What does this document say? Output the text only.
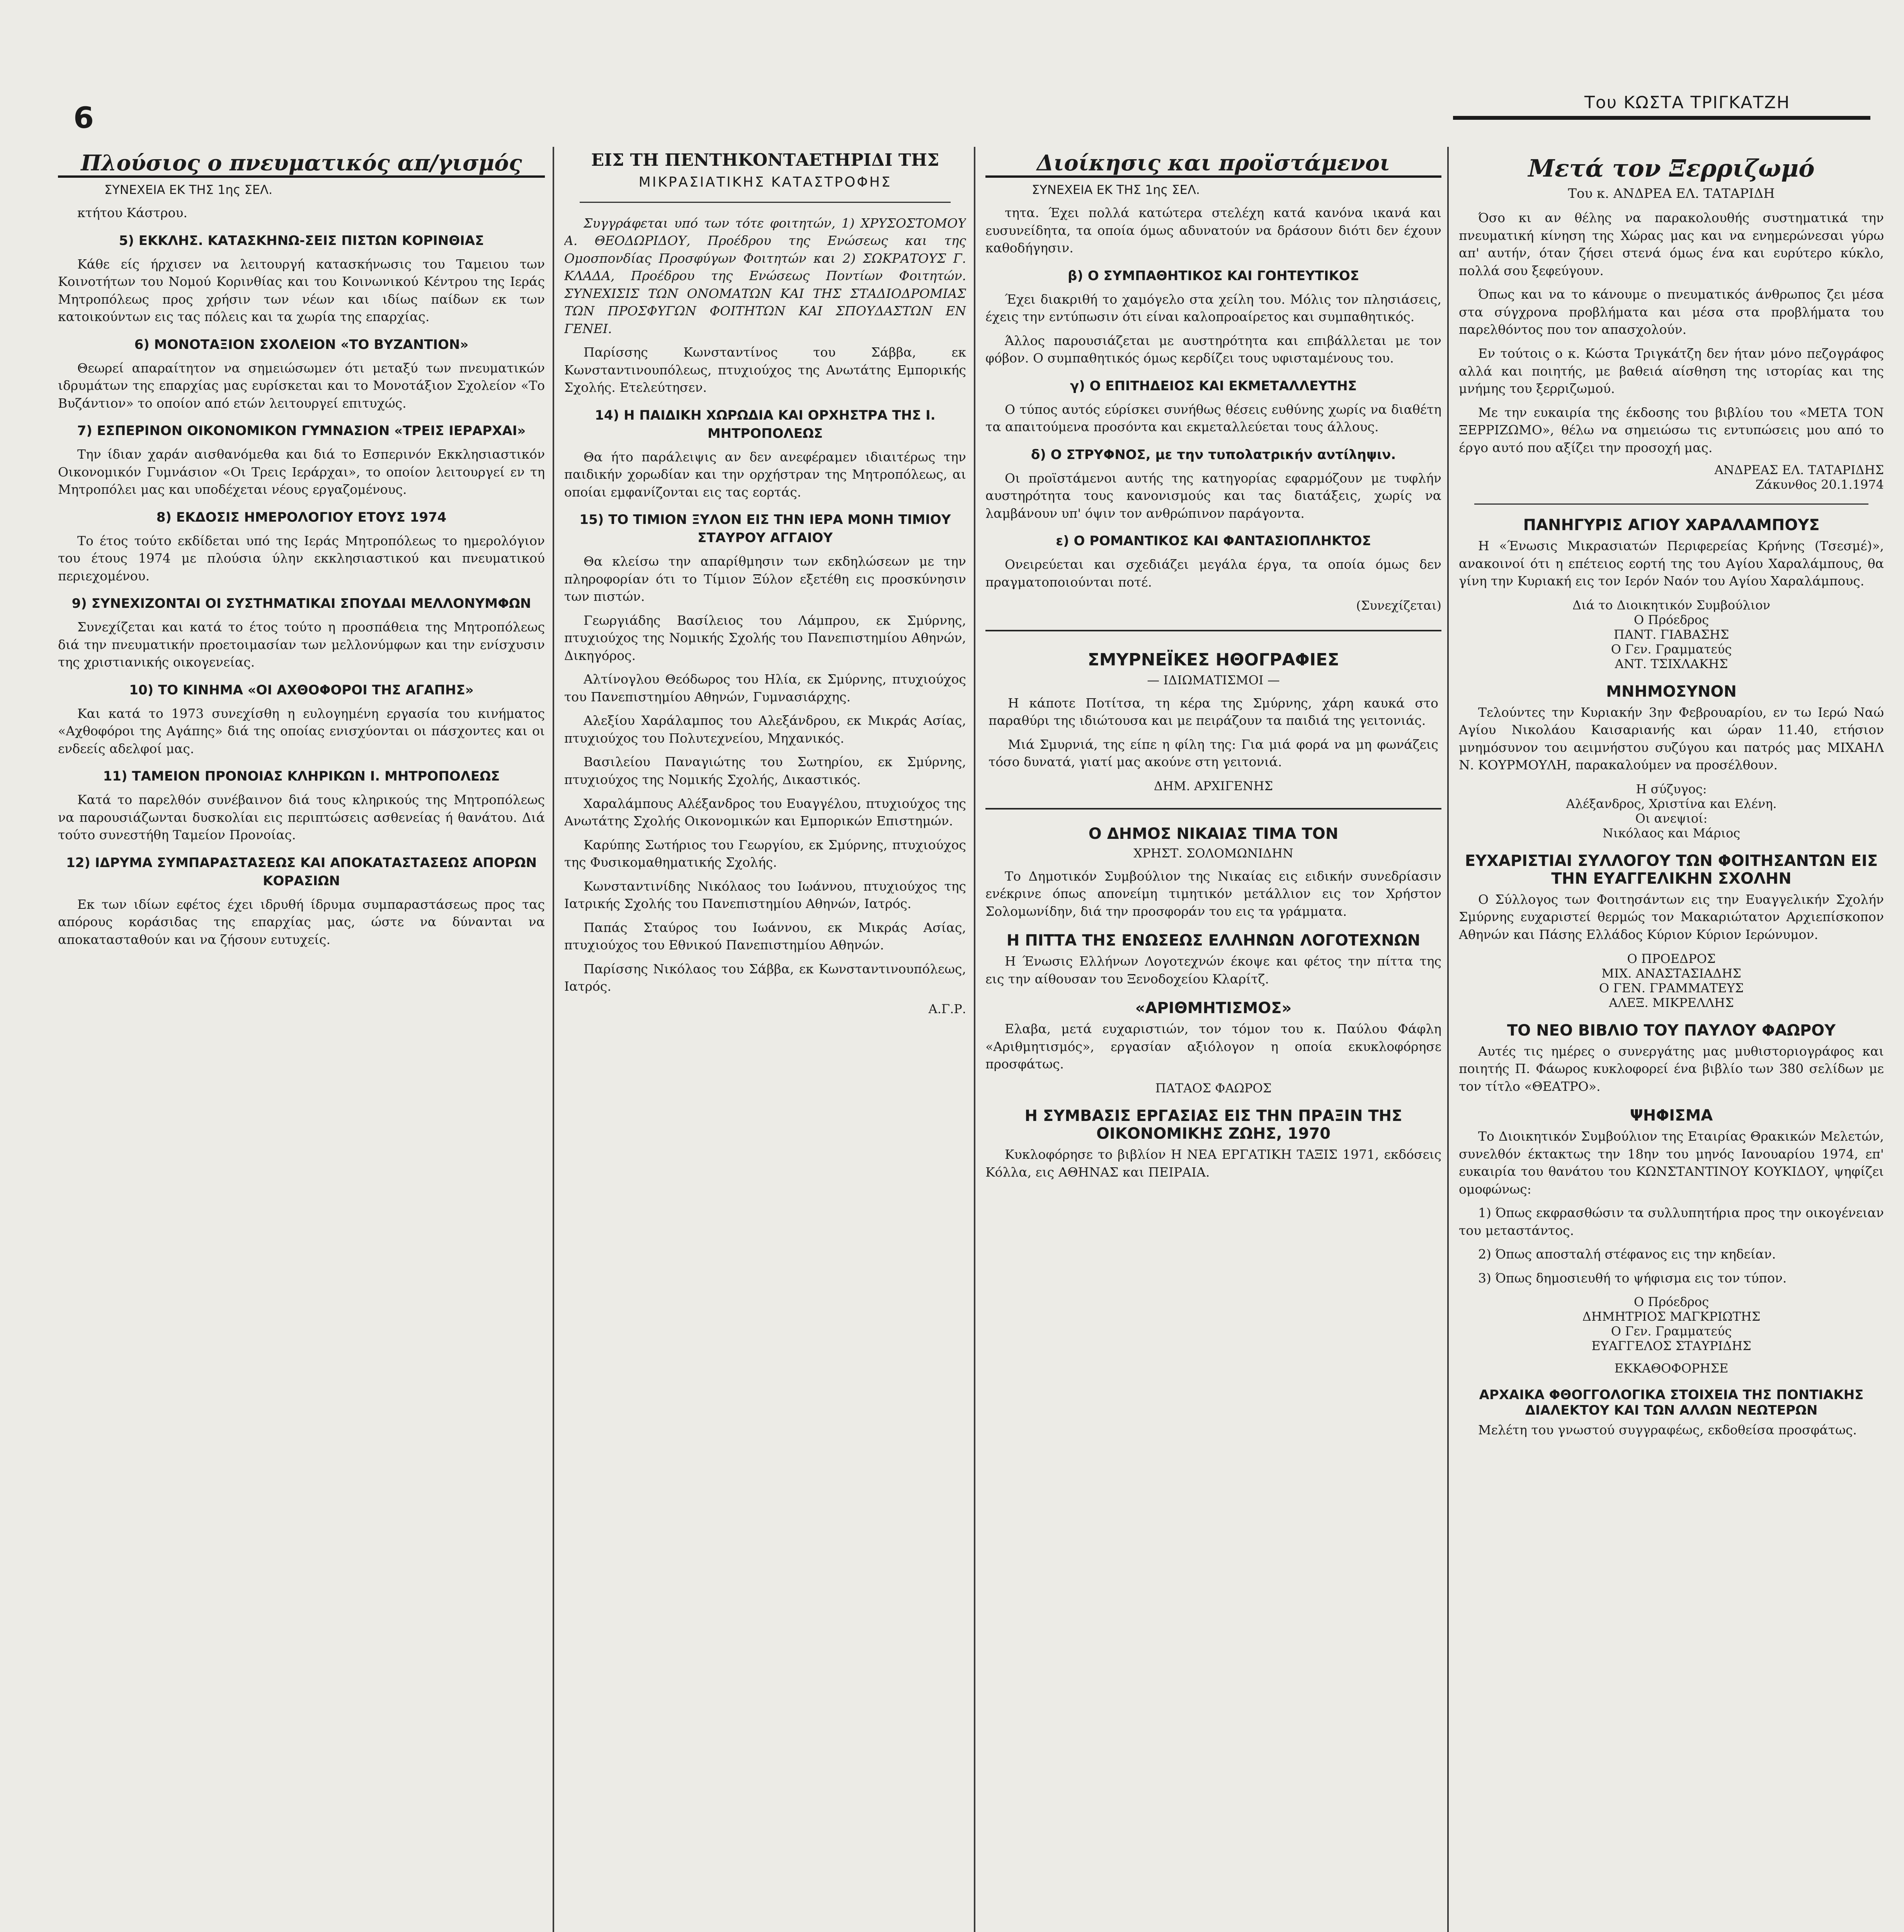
6	Του ΚΩΣΤΑ ΤΡΙΓΚΑΤΖΗ
Πλούσιος ο πνευματικός απ/γισμός
ΣΥΝΕΧΕΙΑ ΕΚ ΤΗΣ 1ης ΣΕΛ.

κτήτου Κάστρου.

5) ΕΚΚΛΗΣ. ΚΑΤΑΣΚΗΝΩ-ΣΕΙΣ ΠΙΣΤΩΝ ΚΟΡΙΝΘΙΑΣ

Κάθε είς ήρχισεν να λειτουργή κατασκήνωσις του Ταμειου των Κοινοτήτων του Νομού Κορινθίας και του Κοινωνικού Κέντρου της Ιεράς Μητροπόλεως προς χρήσιν των νέων και ιδίως παίδων εκ των κατοικούντων εις τας πόλεις και τα χωρία της επαρχίας.

6) ΜΟΝΟΤΑΞΙΟΝ ΣΧΟΛΕΙΟΝ «ΤΟ ΒΥΖΑΝΤΙΟΝ»

Θεωρεί απαραίτητον να σημειώσωμεν ότι μεταξύ των πνευματικών ιδρυμάτων της επαρχίας μας ευρίσκεται και το Μονοτάξιον Σχολείον «Το Βυζάντιον» το οποίον από ετών λειτουργεί επιτυχώς.

7) ΕΣΠΕΡΙΝΟΝ ΟΙΚΟΝΟΜΙΚΟΝ ΓΥΜΝΑΣΙΟΝ «ΤΡΕΙΣ ΙΕΡΑΡΧΑΙ»

Την ίδιαν χαράν αισθανόμεθα και διά το Εσπερινόν Εκκλησιαστικόν Οικονομικόν Γυμνάσιον «Οι Τρεις Ιεράρχαι», το οποίον λειτουργεί εν τη Μητροπόλει μας και υποδέχεται νέους εργαζομένους.

8) ΕΚΔΟΣΙΣ ΗΜΕΡΟΛΟΓΙΟΥ ΕΤΟΥΣ 1974

Το έτος τούτο εκδίδεται υπό της Ιεράς Μητροπόλεως το ημερολόγιον του έτους 1974 με πλούσια ύλην εκκλησιαστικού και πνευματικού περιεχομένου.

9) ΣΥΝΕΧΙΖΟΝΤΑΙ ΟΙ ΣΥΣΤΗΜΑΤΙΚΑΙ ΣΠΟΥΔΑΙ ΜΕΛΛΟΝΥΜΦΩΝ

Συνεχίζεται και κατά το έτος τούτο η προσπάθεια της Μητροπόλεως διά την πνευματικήν προετοιμασίαν των μελλονύμφων και την ενίσχυσιν της χριστιανικής οικογενείας.

10) ΤΟ ΚΙΝΗΜΑ «ΟΙ ΑΧΘΟΦΟΡΟΙ ΤΗΣ ΑΓΑΠΗΣ»

Και κατά το 1973 συνεχίσθη η ευλογημένη εργασία του κινήματος «Αχθοφόροι της Αγάπης» διά της οποίας ενισχύονται οι πάσχοντες και οι ενδεείς αδελφοί μας.

11) ΤΑΜΕΙΟΝ ΠΡΟΝΟΙΑΣ ΚΛΗΡΙΚΩΝ Ι. ΜΗΤΡΟΠΟΛΕΩΣ

Κατά το παρελθόν συνέβαινον διά τους κληρικούς της Μητροπόλεως να παρουσιάζωνται δυσκολίαι εις περιπτώσεις ασθενείας ή θανάτου. Διά τούτο συνεστήθη Ταμείον Προνοίας.

12) ΙΔΡΥΜΑ ΣΥΜΠΑΡΑΣΤΑΣΕΩΣ ΚΑΙ ΑΠΟΚΑΤΑΣΤΑΣΕΩΣ ΑΠΟΡΩΝ ΚΟΡΑΣΙΩΝ

Εκ των ιδίων εφέτος έχει ιδρυθή ίδρυμα συμπαραστάσεως προς τας απόρους κοράσιδας της επαρχίας μας, ώστε να δύνανται να αποκατασταθούν και να ζήσουν ευτυχείς.

ΕΙΣ ΤΗ ΠΕΝΤΗΚΟΝΤΑΕΤΗΡΙΔΙ ΤΗΣ
ΜΙΚΡΑΣΙΑΤΙΚΗΣ ΚΑΤΑΣΤΡΟΦΗΣ

Συγγράφεται υπό των τότε φοιτητών, 1) ΧΡΥΣΟΣΤΟΜΟΥ Α. ΘΕΟΔΩΡΙΔΟΥ, Προέδρου της Ενώσεως και της Ομοσπονδίας Προσφύγων Φοιτητών και 2) ΣΩΚΡΑΤΟΥΣ Γ. ΚΛΑΔΑ, Προέδρου της Ενώσεως Ποντίων Φοιτητών. ΣΥΝΕΧΙΣΙΣ ΤΩΝ ΟΝΟΜΑΤΩΝ ΚΑΙ ΤΗΣ ΣΤΑΔΙΟΔΡΟΜΙΑΣ ΤΩΝ ΠΡΟΣΦΥΓΩΝ ΦΟΙΤΗΤΩΝ ΚΑΙ ΣΠΟΥΔΑΣΤΩΝ ΕΝ ΓΕΝΕΙ.

Παρίσσης Κωνσταντίνος του Σάββα, εκ Κωνσταντινουπόλεως, πτυχιούχος της Ανωτάτης Εμπορικής Σχολής. Ετελεύτησεν.

14) Η ΠΑΙΔΙΚΗ ΧΩΡΩΔΙΑ ΚΑΙ ΟΡΧΗΣΤΡΑ ΤΗΣ Ι. ΜΗΤΡΟΠΟΛΕΩΣ

Θα ήτο παράλειψις αν δεν ανεφέραμεν ιδιαιτέρως την παιδικήν χορωδίαν και την ορχήστραν της Μητροπόλεως, αι οποίαι εμφανίζονται εις τας εορτάς.

15) ΤΟ ΤΙΜΙΟΝ ΞΥΛΟΝ ΕΙΣ ΤΗΝ ΙΕΡΑ ΜΟΝΗ ΤΙΜΙΟΥ ΣΤΑΥΡΟΥ ΑΓΓΑΙΟΥ

Θα κλείσω την απαρίθμησιν των εκδηλώσεων με την πληροφορίαν ότι το Τίμιον Ξύλον εξετέθη εις προσκύνησιν των πιστών.

Γεωργιάδης Βασίλειος του Λάμπρου, εκ Σμύρνης, πτυχιούχος της Νομικής Σχολής του Πανεπιστημίου Αθηνών, Δικηγόρος.

Αλτίνογλου Θεόδωρος του Ηλία, εκ Σμύρνης, πτυχιούχος του Πανεπιστημίου Αθηνών, Γυμνασιάρχης.

Αλεξίου Χαράλαμπος του Αλεξάνδρου, εκ Μικράς Ασίας, πτυχιούχος του Πολυτεχνείου, Μηχανικός.

Βασιλείου Παναγιώτης του Σωτηρίου, εκ Σμύρνης, πτυχιούχος της Νομικής Σχολής, Δικαστικός.

Χαραλάμπους Αλέξανδρος του Ευαγγέλου, πτυχιούχος της Ανωτάτης Σχολής Οικονομικών και Εμπορικών Επιστημών.

Καρύπης Σωτήριος του Γεωργίου, εκ Σμύρνης, πτυχιούχος της Φυσικομαθηματικής Σχολής.

Κωνσταντινίδης Νικόλαος του Ιωάννου, πτυχιούχος της Ιατρικής Σχολής του Πανεπιστημίου Αθηνών, Ιατρός.

Παπάς Σταύρος του Ιωάννου, εκ Μικράς Ασίας, πτυχιούχος του Εθνικού Πανεπιστημίου Αθηνών.

Παρίσσης Νικόλαος του Σάββα, εκ Κωνσταντινουπόλεως, Ιατρός.

Α.Γ.Ρ.
Διοίκησις και προϊστάμενοι
ΣΥΝΕΧΕΙΑ ΕΚ ΤΗΣ 1ης ΣΕΛ.

τητα. Έχει πολλά κατώτερα στελέχη κατά κανόνα ικανά και ευσυνείδητα, τα οποία όμως αδυνατούν να δράσουν διότι δεν έχουν καθοδήγησιν.

β) Ο ΣΥΜΠΑΘΗΤΙΚΟΣ ΚΑΙ ΓΟΗΤΕΥΤΙΚΟΣ

Έχει διακριθή το χαμόγελο στα χείλη του. Μόλις τον πλησιάσεις, έχεις την εντύπωσιν ότι είναι καλοπροαίρετος και συμπαθητικός.

Άλλος παρουσιάζεται με αυστηρότητα και επιβάλλεται με τον φόβον. Ο συμπαθητικός όμως κερδίζει τους υφισταμένους του.

γ) Ο ΕΠΙΤΗΔΕΙΟΣ ΚΑΙ ΕΚΜΕΤΑΛΛΕΥΤΗΣ

Ο τύπος αυτός εύρίσκει συνήθως θέσεις ευθύνης χωρίς να διαθέτη τα απαιτούμενα προσόντα και εκμεταλλεύεται τους άλλους.

δ) Ο ΣΤΡΥΦΝΟΣ, με την τυπολατρικήν αντίληψιν.

Οι προϊστάμενοι αυτής της κατηγορίας εφαρμόζουν με τυφλήν αυστηρότητα τους κανονισμούς και τας διατάξεις, χωρίς να λαμβάνουν υπ' όψιν τον ανθρώπινον παράγοντα.

ε) Ο ΡΟΜΑΝΤΙΚΟΣ ΚΑΙ ΦΑΝΤΑΣΙΟΠΛΗΚΤΟΣ

Ονειρεύεται και σχεδιάζει μεγάλα έργα, τα οποία όμως δεν πραγματοποιούνται ποτέ.

(Συνεχίζεται)
ΣΜΥΡΝΕΪΚΕΣ ΗΘΟΓΡΑΦΙΕΣ
— ΙΔΙΩΜΑΤΙΣΜΟΙ —

Η κάποτε Ποτίτσα, τη κέρα της Σμύρνης, χάρη καυκά στο παραθύρι της ιδιώτουσα και με πειράζουν τα παιδιά της γειτονιάς.

Μιά Σμυρνιά, της είπε η φίλη της: Για μιά φορά να μη φωνάζεις τόσο δυνατά, γιατί μας ακούνε στη γειτονιά.

ΔΗΜ. ΑΡΧΙΓΕΝΗΣ
Ο ΔΗΜΟΣ ΝΙΚΑΙΑΣ ΤΙΜΑ ΤΟΝ
ΧΡΗΣΤ. ΣΟΛΟΜΩΝΙΔΗΝ

Το Δημοτικόν Συμβούλιον της Νικαίας εις ειδικήν συνεδρίασιν ενέκρινε όπως απονείμη τιμητικόν μετάλλιον εις τον Χρήστον Σολομωνίδην, διά την προσφοράν του εις τα γράμματα.

Η ΠΙΤΤΑ ΤΗΣ ΕΝΩΣΕΩΣ ΕΛΛΗΝΩΝ ΛΟΓΟΤΕΧΝΩΝ

Η Ένωσις Ελλήνων Λογοτεχνών έκοψε και φέτος την πίττα της εις την αίθουσαν του Ξενοδοχείου Κλαρίτζ.

«ΑΡΙΘΜΗΤΙΣΜΟΣ»

Ελαβα, μετά ευχαριστιών, τον τόμον του κ. Παύλου Φάφλη «Αριθμητισμός», εργασίαν αξιόλογον η οποία εκυκλοφόρησε προσφάτως.

ΠΑΤΑΟΣ ΦΑΩΡΟΣ
Η ΣΥΜΒΑΣΙΣ ΕΡΓΑΣΙΑΣ ΕΙΣ ΤΗΝ ΠΡΑΞΙΝ ΤΗΣ ΟΙΚΟΝΟΜΙΚΗΣ ΖΩΗΣ, 1970

Κυκλοφόρησε το βιβλίον Η ΝΕΑ ΕΡΓΑΤΙΚΗ ΤΑΞΙΣ 1971, εκδόσεις Κόλλα, εις ΑΘΗΝΑΣ και ΠΕΙΡΑΙΑ.

Μετά τον Ξερριζωμό
Του κ. ΑΝΔΡΕΑ ΕΛ. ΤΑΤΑΡΙΔΗ

Όσο κι αν θέλης να παρακολουθής συστηματικά την πνευματική κίνηση της Χώρας μας και να ενημερώνεσαι γύρω απ' αυτήν, όταν ζήσει στενά όμως ένα και ευρύτερο κύκλο, πολλά σου ξεφεύγουν.

Όπως και να το κάνουμε ο πνευματικός άνθρωπος ζει μέσα στα σύγχρονα προβλήματα και μέσα στα προβλήματα του παρελθόντος που τον απασχολούν.

Εν τούτοις ο κ. Κώστα Τριγκάτζη δεν ήταν μόνο πεζογράφος αλλά και ποιητής, με βαθειά αίσθηση της ιστορίας και της μνήμης του ξερριζωμού.

Με την ευκαιρία της έκδοσης του βιβλίου του «ΜΕΤΑ ΤΟΝ ΞΕΡΡΙΖΩΜΟ», θέλω να σημειώσω τις εντυπώσεις μου από το έργο αυτό που αξίζει την προσοχή μας.

ΑΝΔΡΕΑΣ ΕΛ. ΤΑΤΑΡΙΔΗΣ
Ζάκυνθος 20.1.1974
ΠΑΝΗΓΥΡΙΣ ΑΓΙΟΥ ΧΑΡΑΛΑΜΠΟΥΣ

Η «Ένωσις Μικρασιατών Περιφερείας Κρήνης (Τσεσμέ)», ανακοινοί ότι η επέτειος εορτή της του Αγίου Χαραλάμπους, θα γίνη την Κυριακή εις τον Ιερόν Ναόν του Αγίου Χαραλάμπους.

Διά το Διοικητικόν Συμβούλιον
Ο Πρόεδρος
ΠΑΝΤ. ΓΙΑΒΑΣΗΣ
Ο Γεν. Γραμματεύς
ΑΝΤ. ΤΣΙΧΛΑΚΗΣ
ΜΝΗΜΟΣΥΝΟΝ

Τελούντες την Κυριακήν 3ην Φεβρουαρίου, εν τω Ιερώ Ναώ Αγίου Νικολάου Καισαριανής και ώραν 11.40, ετήσιον μνημόσυνον του αειμνήστου συζύγου και πατρός μας ΜΙΧΑΗΛ Ν. ΚΟΥΡΜΟΥΛΗ, παρακαλούμεν να προσέλθουν.

Η σύζυγος:
Αλέξανδρος, Χριστίνα και Ελένη.
Οι ανεψιοί:
Νικόλαος και Μάριος
ΕΥΧΑΡΙΣΤΙΑΙ ΣΥΛΛΟΓΟΥ ΤΩΝ ΦΟΙΤΗΣΑΝΤΩΝ ΕΙΣ ΤΗΝ ΕΥΑΓΓΕΛΙΚΗΝ ΣΧΟΛΗΝ

Ο Σύλλογος των Φοιτησάντων εις την Ευαγγελικήν Σχολήν Σμύρνης ευχαριστεί θερμώς τον Μακαριώτατον Αρχιεπίσκοπον Αθηνών και Πάσης Ελλάδος Κύριον Κύριον Ιερώνυμον.

Ο ΠΡΟΕΔΡΟΣ
ΜΙΧ. ΑΝΑΣΤΑΣΙΑΔΗΣ
Ο ΓΕΝ. ΓΡΑΜΜΑΤΕΥΣ
ΑΛΕΞ. ΜΙΚΡΕΛΛΗΣ
ΤΟ ΝΕΟ ΒΙΒΛΙΟ ΤΟΥ ΠΑΥΛΟΥ ΦΑΩΡΟΥ

Αυτές τις ημέρες ο συνεργάτης μας μυθιστοριογράφος και ποιητής Π. Φάωρος κυκλοφορεί ένα βιβλίο των 380 σελίδων με τον τίτλο «ΘΕΑΤΡΟ».

ΨΗΦΙΣΜΑ

Το Διοικητικόν Συμβούλιον της Εταιρίας Θρακικών Μελετών, συνελθόν έκτακτως την 18ην του μηνός Ιανουαρίου 1974, επ' ευκαιρία του θανάτου του ΚΩΝΣΤΑΝΤΙΝΟΥ ΚΟΥΚΙΔΟΥ, ψηφίζει ομοφώνως:

1) Όπως εκφρασθώσιν τα συλλυπητήρια προς την οικογένειαν του μεταστάντος.

2) Όπως αποσταλή στέφανος εις την κηδείαν.

3) Όπως δημοσιευθή το ψήφισμα εις τον τύπον.

Ο Πρόεδρος
ΔΗΜΗΤΡΙΟΣ ΜΑΓΚΡΙΩΤΗΣ
Ο Γεν. Γραμματεύς
ΕΥΑΓΓΕΛΟΣ ΣΤΑΥΡΙΔΗΣ
ΕΚΚΑΘΟΦΟΡΗΣΕ
ΑΡΧΑΙΚΑ ΦΘΟΓΓΟΛΟΓΙΚΑ ΣΤΟΙΧΕΙΑ ΤΗΣ ΠΟΝΤΙΑΚΗΣ ΔΙΑΛΕΚΤΟΥ ΚΑΙ ΤΩΝ ΑΛΛΩΝ ΝΕΩΤΕΡΩΝ

Μελέτη του γνωστού συγγραφέως, εκδοθείσα προσφάτως.
